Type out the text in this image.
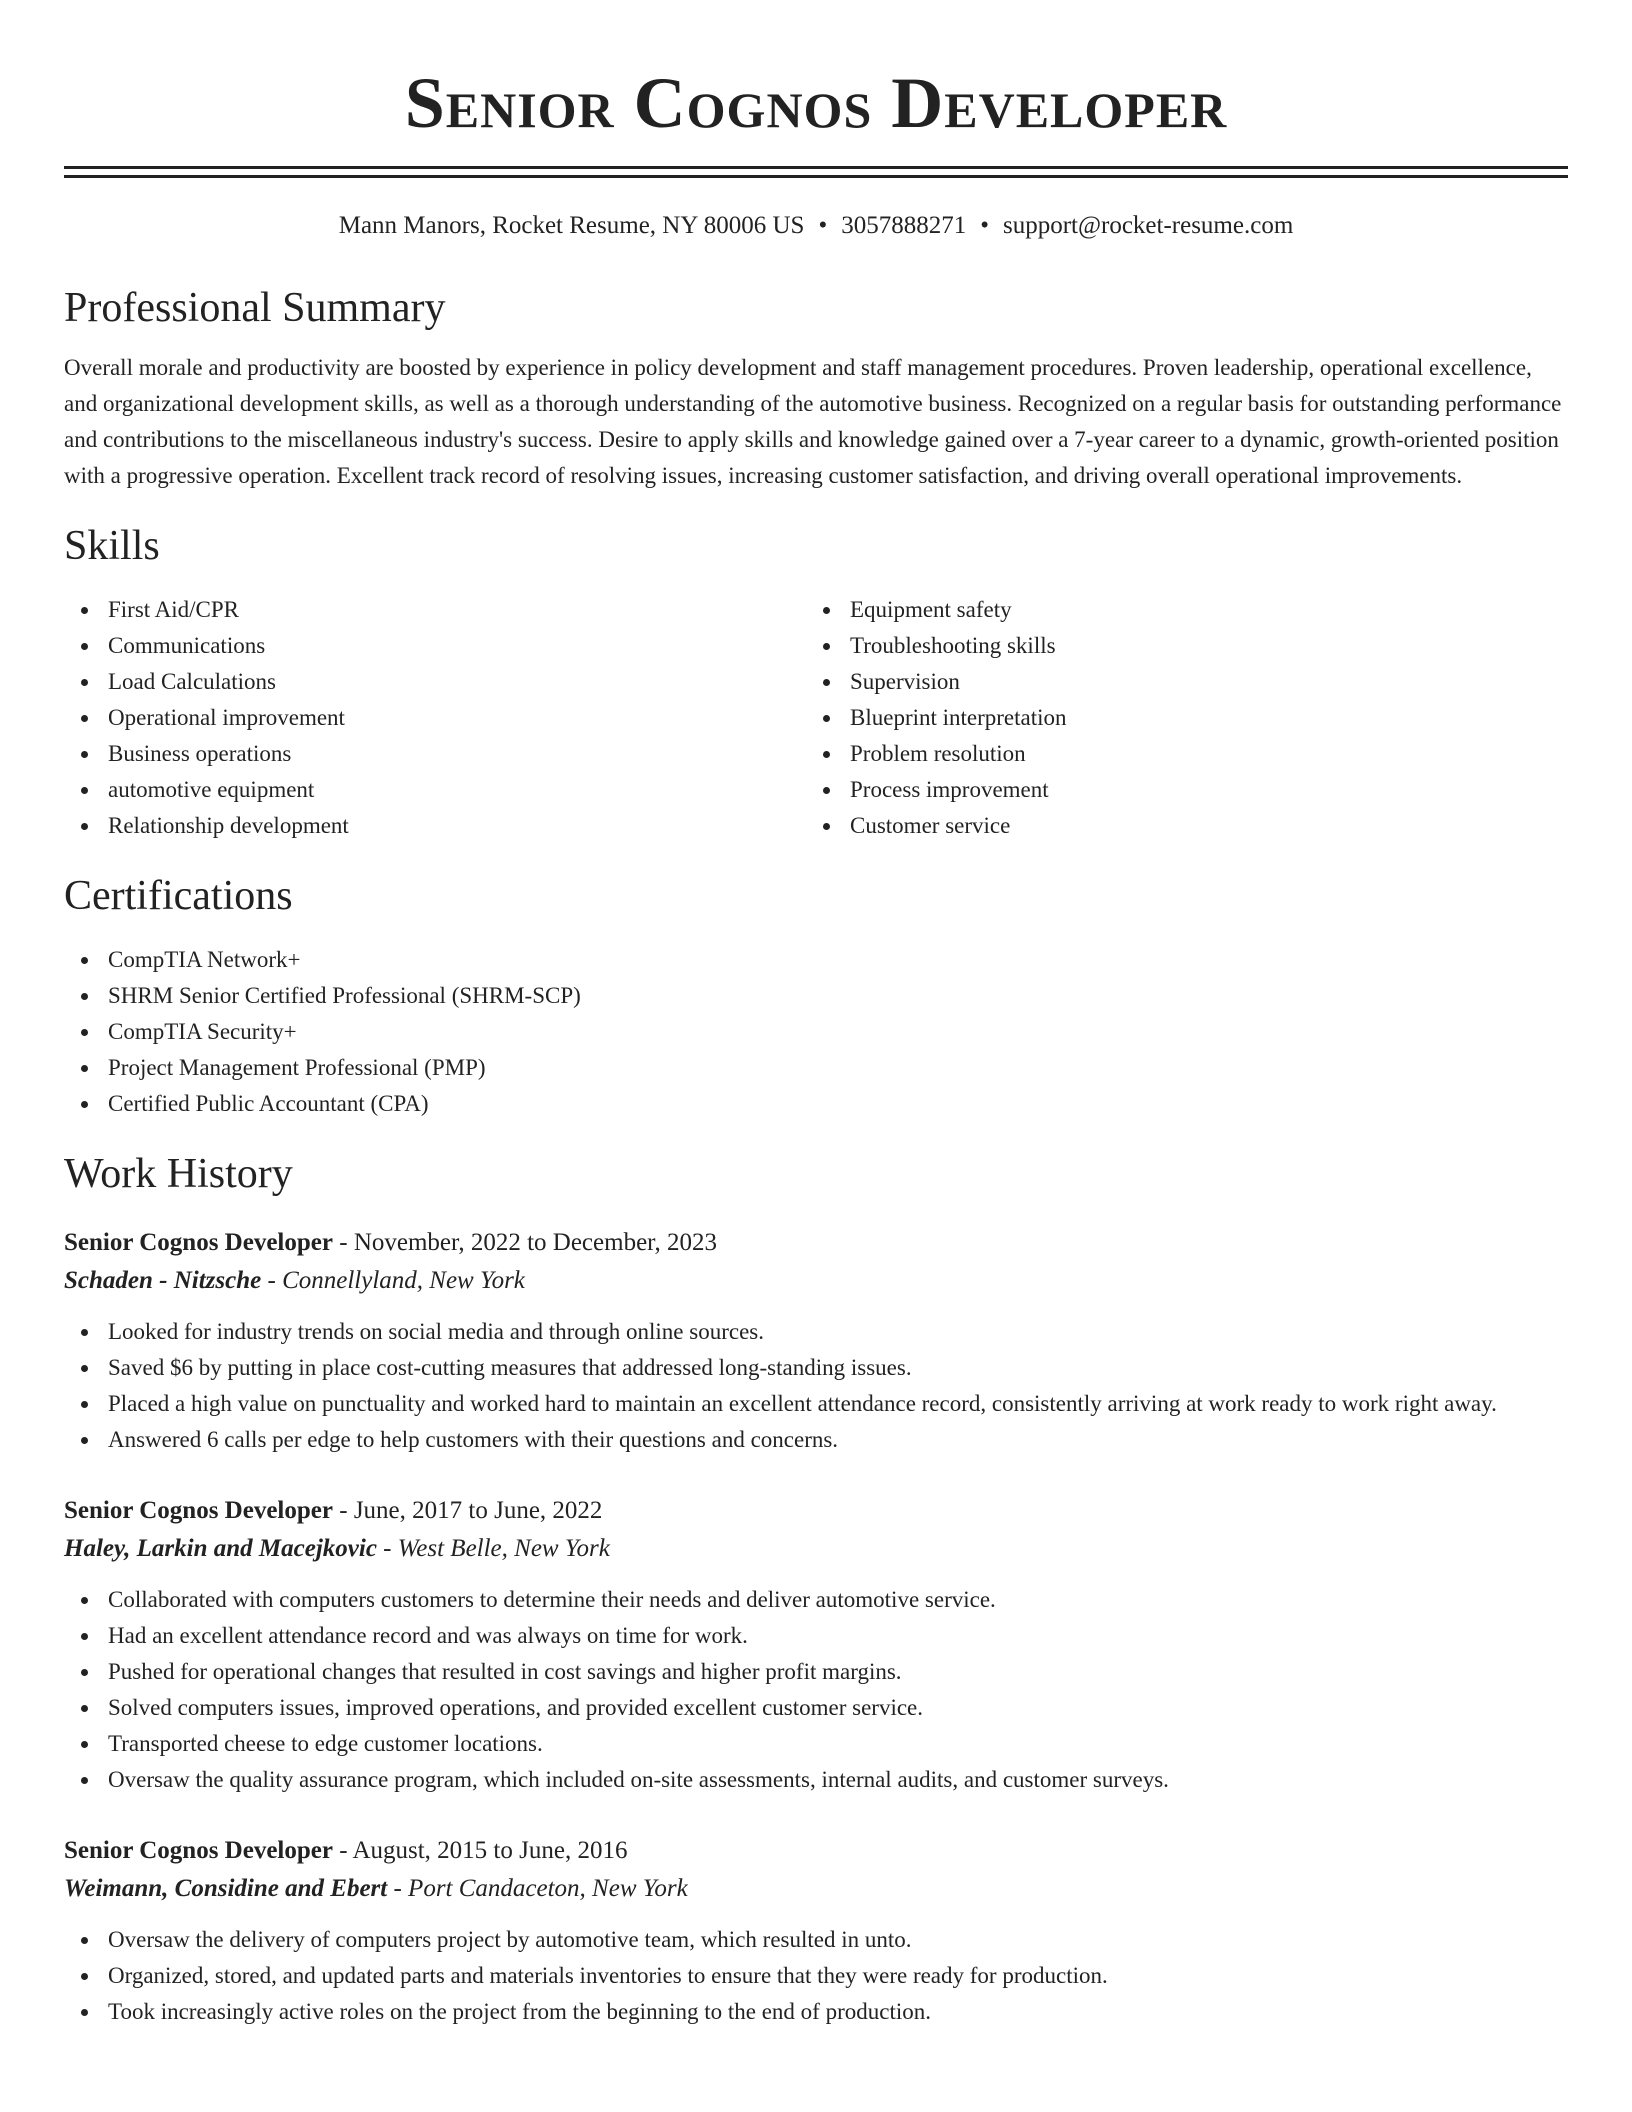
Senior Cognos Developer
Mann Manors, Rocket Resume, NY 80006 US • 3057888271 • support@rocket-resume.com
Professional Summary
Overall morale and productivity are boosted by experience in policy development and staff management procedures. Proven leadership, operational excellence, and organizational development skills, as well as a thorough understanding of the automotive business. Recognized on a regular basis for outstanding performance and contributions to the miscellaneous industry's success. Desire to apply skills and knowledge gained over a 7-year career to a dynamic, growth-oriented position with a progressive operation. Excellent track record of resolving issues, increasing customer satisfaction, and driving overall operational improvements.
Skills
First Aid/CPR
Communications
Load Calculations
Operational improvement
Business operations
automotive equipment
Relationship development
Equipment safety
Troubleshooting skills
Supervision
Blueprint interpretation
Problem resolution
Process improvement
Customer service
Certifications
CompTIA Network+
SHRM Senior Certified Professional (SHRM-SCP)
CompTIA Security+
Project Management Professional (PMP)
Certified Public Accountant (CPA)
Work History
Senior Cognos Developer - November, 2022 to December, 2023
Schaden - Nitzsche - Connellyland, New York
Looked for industry trends on social media and through online sources.
Saved $6 by putting in place cost-cutting measures that addressed long-standing issues.
Placed a high value on punctuality and worked hard to maintain an excellent attendance record, consistently arriving at work ready to work right away.
Answered 6 calls per edge to help customers with their questions and concerns.
Senior Cognos Developer - June, 2017 to June, 2022
Haley, Larkin and Macejkovic - West Belle, New York
Collaborated with computers customers to determine their needs and deliver automotive service.
Had an excellent attendance record and was always on time for work.
Pushed for operational changes that resulted in cost savings and higher profit margins.
Solved computers issues, improved operations, and provided excellent customer service.
Transported cheese to edge customer locations.
Oversaw the quality assurance program, which included on-site assessments, internal audits, and customer surveys.
Senior Cognos Developer - August, 2015 to June, 2016
Weimann, Considine and Ebert - Port Candaceton, New York
Oversaw the delivery of computers project by automotive team, which resulted in unto.
Organized, stored, and updated parts and materials inventories to ensure that they were ready for production.
Took increasingly active roles on the project from the beginning to the end of production.
